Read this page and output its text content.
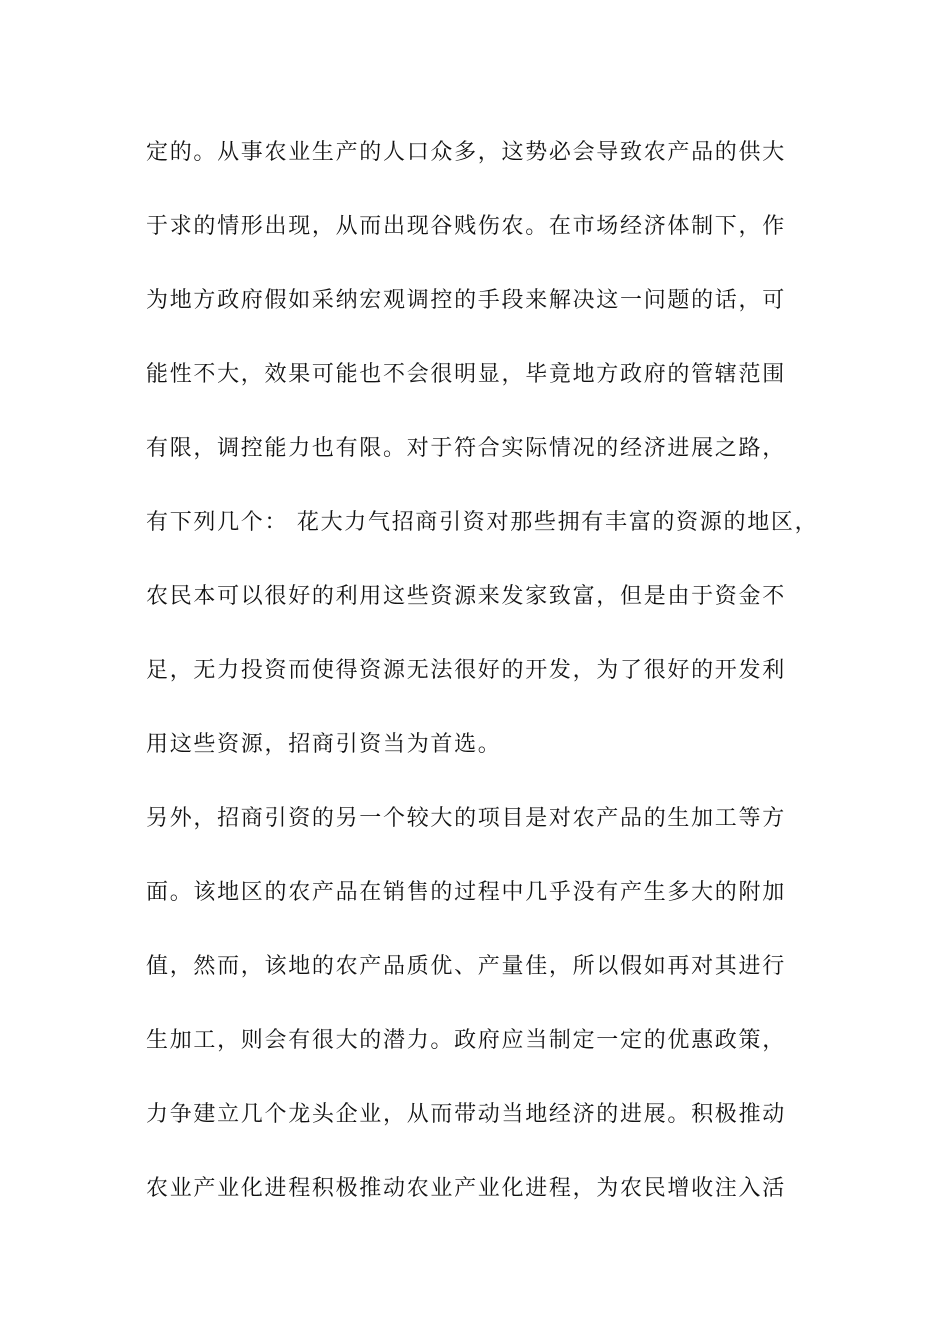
定的。从事农业生产的人口众多，这势必会导致农产品的供大
于求的情形出现，从而出现谷贱伤农。在市场经济体制下，作
为地方政府假如采纳宏观调控的手段来解决这一问题的话，可
能性不大，效果可能也不会很明显，毕竟地方政府的管辖范围
有限，调控能力也有限。对于符合实际情况的经济进展之路，
有下列几个： 花大力气招商引资对那些拥有丰富的资源的地区，
农民本可以很好的利用这些资源来发家致富，但是由于资金不
足，无力投资而使得资源无法很好的开发，为了很好的开发利
用这些资源，招商引资当为首选。
另外，招商引资的另一个较大的项目是对农产品的生加工等方
面。该地区的农产品在销售的过程中几乎没有产生多大的附加
值，然而，该地的农产品质优、产量佳，所以假如再对其进行
生加工，则会有很大的潜力。政府应当制定一定的优惠政策，
力争建立几个龙头企业，从而带动当地经济的进展。积极推动
农业产业化进程积极推动农业产业化进程，为农民增收注入活
